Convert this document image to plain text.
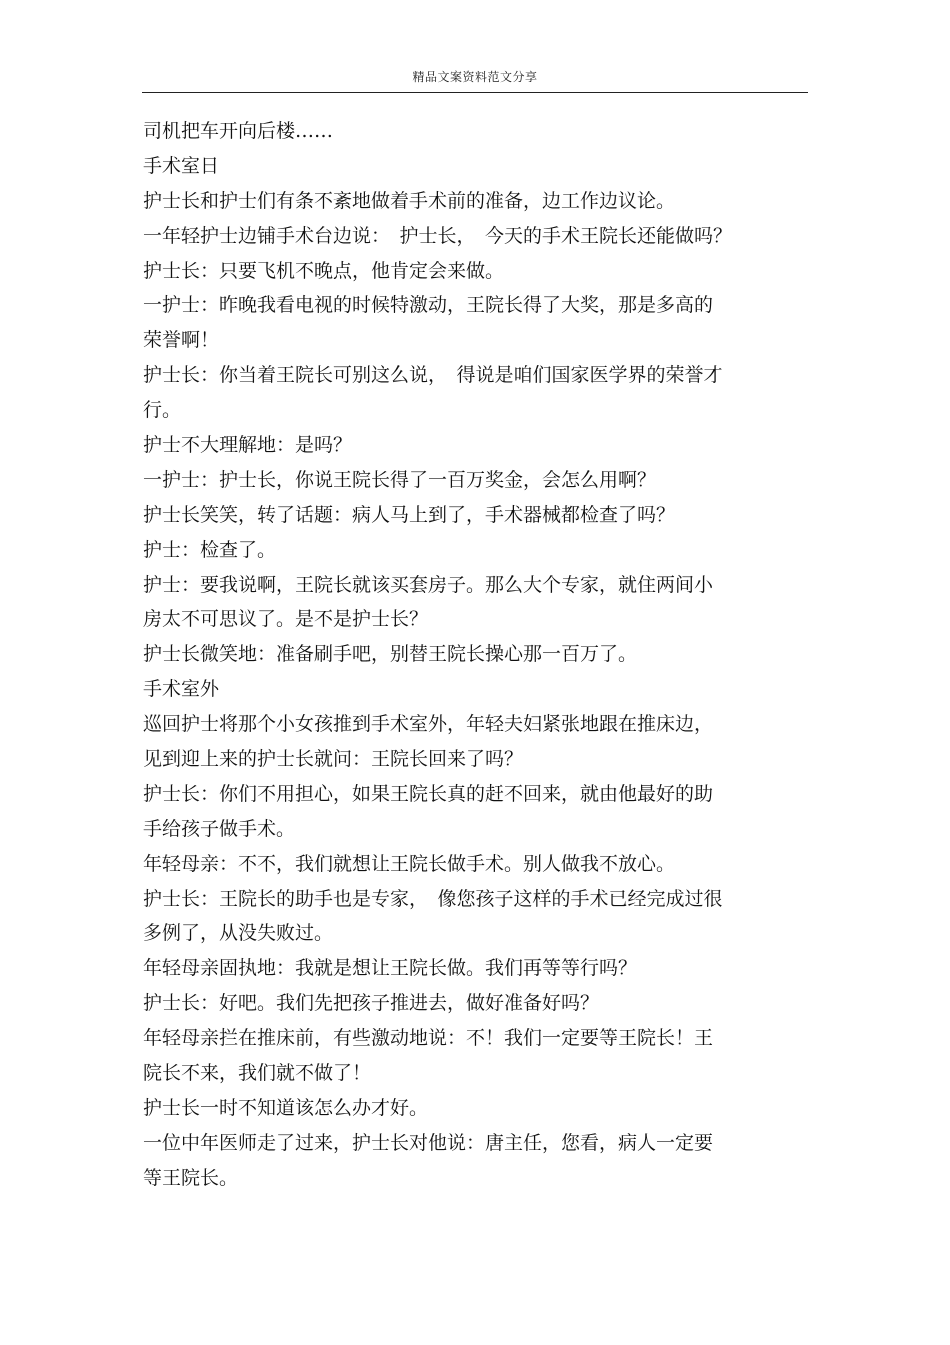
精品文案资料范文分享
司机把车开向后楼……
手术室日
护士长和护士们有条不紊地做着手术前的准备，边工作边议论。
一年轻护士边铺手术台边说：　护士长，　今天的手术王院长还能做吗？
护士长：只要飞机不晚点，他肯定会来做。
一护士：昨晚我看电视的时候特激动，王院长得了大奖，那是多高的
荣誉啊！
护士长：你当着王院长可别这么说，　得说是咱们国家医学界的荣誉才
行。
护士不大理解地：是吗？
一护士：护士长，你说王院长得了一百万奖金，会怎么用啊？
护士长笑笑，转了话题：病人马上到了，手术器械都检查了吗？
护士：检查了。
护士：要我说啊，王院长就该买套房子。那么大个专家，就住两间小
房太不可思议了。是不是护士长？
护士长微笑地：准备刷手吧，别替王院长操心那一百万了。
手术室外
巡回护士将那个小女孩推到手术室外，年轻夫妇紧张地跟在推床边，
见到迎上来的护士长就问：王院长回来了吗？
护士长：你们不用担心，如果王院长真的赶不回来，就由他最好的助
手给孩子做手术。
年轻母亲：不不，我们就想让王院长做手术。别人做我不放心。
护士长：王院长的助手也是专家，　像您孩子这样的手术已经完成过很
多例了，从没失败过。
年轻母亲固执地：我就是想让王院长做。我们再等等行吗？
护士长：好吧。我们先把孩子推进去，做好准备好吗？
年轻母亲拦在推床前，有些激动地说：不！我们一定要等王院长！王
院长不来，我们就不做了！
护士长一时不知道该怎么办才好。
一位中年医师走了过来，护士长对他说：唐主任，您看，病人一定要
等王院长。
